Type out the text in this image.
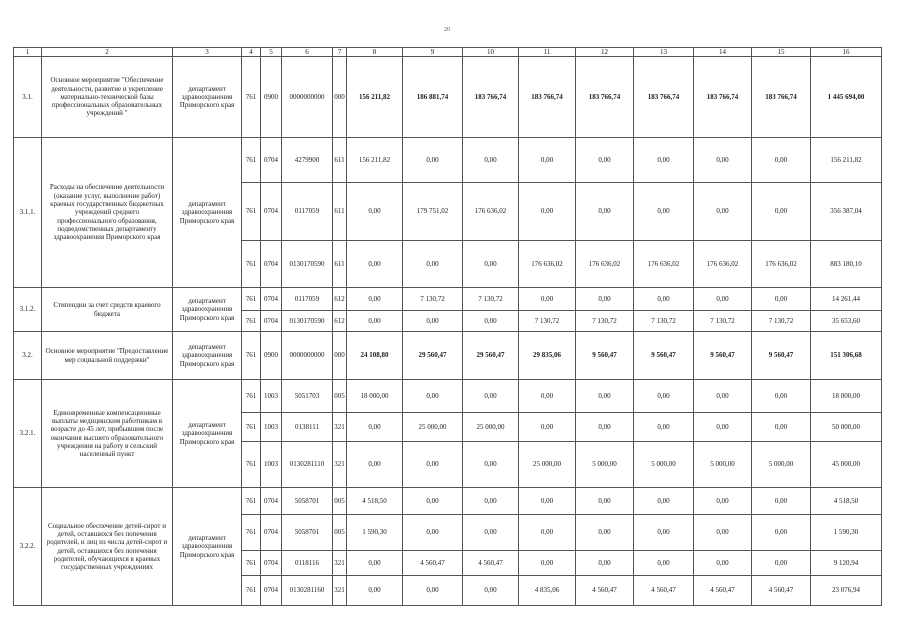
20
1	2	3	4	5	6	7	8	9	10	11	12	13	14	15	16
3.1.	Основное мероприятие "Обеспечение деятельности, развитие и укрепление материально-технической базы профессиональных образовательных учреждений "	департамент здравоохранения Приморского края	761	0900	0000000000	000	156 211,82	186 881,74	183 766,74	183 766,74	183 766,74	183 766,74	183 766,74	183 766,74	1 445 694,00
3.1.1.	Расходы на обеспечение деятельности (оказание услуг, выполнение работ) краевых государственных бюджетных учреждений среднего профессионального образования, подведомственных департаменту здравоохранения Приморского края	департамент здравоохранения Приморского края	761	0704	4279900	611	156 211,82	0,00	0,00	0,00	0,00	0,00	0,00	0,00	156 211,82
			761	0704	0117059	611	0,00	179 751,02	176 636,02	0,00	0,00	0,00	0,00	0,00	356 387,04
			761	0704	0130170590	611	0,00	0,00	0,00	176 636,02	176 636,02	176 636,02	176 636,02	176 636,02	883 180,10
3.1.2.	Стипендии за счет средств краевого бюджета	департамент здравоохранения Приморского края	761	0704	0117059	612	0,00	7 130,72	7 130,72	0,00	0,00	0,00	0,00	0,00	14 261,44
			761	0704	0130170590	612	0,00	0,00	0,00	7 130,72	7 130,72	7 130,72	7 130,72	7 130,72	35 653,60
3.2.	Основное мероприятие "Предоставление мер социальной поддержки"	департамент здравоохранения Приморского края	761	0900	0000000000	000	24 108,80	29 560,47	29 560,47	29 835,06	9 560,47	9 560,47	9 560,47	9 560,47	151 306,68
3.2.1.	Единовременные компенсационные выплаты медицинским работникам в возрасте до 45 лет, прибывшим после окончания высшего образовательного учреждения на работу в сельский населенный пункт	департамент здравоохранения Приморского края	761	1003	5051703	005	18 000,00	0,00	0,00	0,00	0,00	0,00	0,00	0,00	18 000,00
			761	1003	0138111	321	0,00	25 000,00	25 000,00	0,00	0,00	0,00	0,00	0,00	50 000,00
			761	1003	0130281110	321	0,00	0,00	0,00	25 000,00	5 000,00	5 000,00	5 000,00	5 000,00	45 000,00
3.2.2.	Социальное обеспечение детей-сирот и детей, оставшихся без попечения родителей, и лиц из числа детей-сирот и детей, оставшихся без попечения родителей, обучающихся в краевых государственных учреждениях	департамент здравоохранения Приморского края	761	0704	5058701	005	4 518,50	0,00	0,00	0,00	0,00	0,00	0,00	0,00	4 518,50
			761	0704	5058701	005	1 590,30	0,00	0,00	0,00	0,00	0,00	0,00	0,00	1 590,30
			761	0704	0118116	321	0,00	4 560,47	4 560,47	0,00	0,00	0,00	0,00	0,00	9 120,94
			761	0704	0130281160	321	0,00	0,00	0,00	4 835,06	4 560,47	4 560,47	4 560,47	4 560,47	23 076,94
